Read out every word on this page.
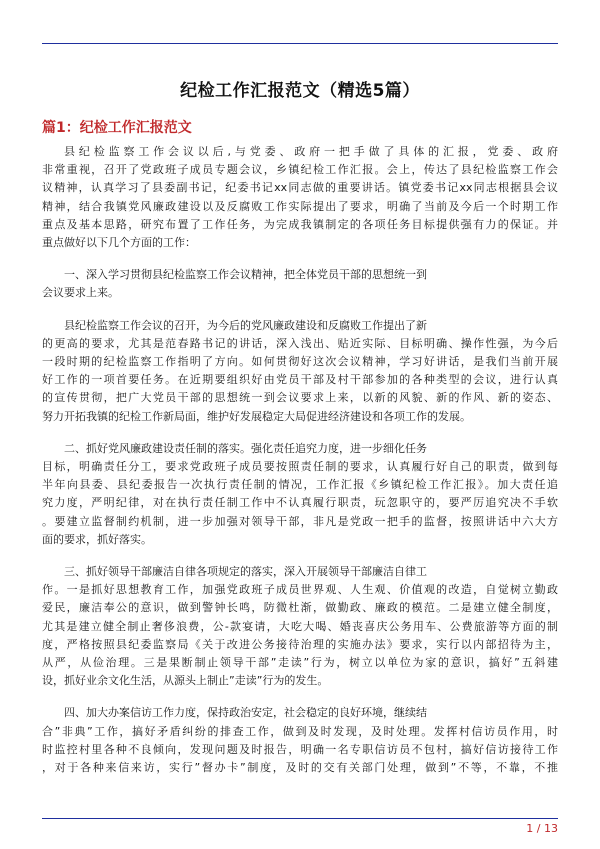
纪检工作汇报范文（精选5篇）
篇1：纪检工作汇报范文
县纪检监察工作会议以后,与党委、政府一把手做了具体的汇报，党委、政府
非常重视，召开了党政班子成员专题会议，乡镇纪检工作汇报。会上，传达了县纪检监察工作会
议精神，认真学习了县委副书记，纪委书记xx同志做的重要讲话。镇党委书记xx同志根据县会议
精神，结合我镇党风廉政建设以及反腐败工作实际提出了要求，明确了当前及今后一个时期工作
重点及基本思路，研究布置了工作任务，为完成我镇制定的各项任务目标提供强有力的保证。并
重点做好以下几个方面的工作：
一、深入学习贯彻县纪检监察工作会议精神，把全体党员干部的思想统一到
会议要求上来。
县纪检监察工作会议的召开，为今后的党风廉政建设和反腐败工作提出了新
的更高的要求，尤其是范春路书记的讲话，深入浅出、贴近实际、目标明确、操作性强，为今后
一段时期的纪检监察工作指明了方向。如何贯彻好这次会议精神，学习好讲话，是我们当前开展
好工作的一项首要任务。在近期要组织好由党员干部及村干部参加的各种类型的会议，进行认真
的宣传贯彻，把广大党员干部的思想统一到会议要求上来，以新的风貌、新的作风、新的姿态、
努力开拓我镇的纪检工作新局面，维护好发展稳定大局促进经济建设和各项工作的发展。
二、抓好党风廉政建设责任制的落实。强化责任追究力度，进一步细化任务
目标，明确责任分工，要求党政班子成员要按照责任制的要求，认真履行好自己的职责，做到每
半年向县委、县纪委报告一次执行责任制的情况，工作汇报《乡镇纪检工作汇报》。加大责任追
究力度，严明纪律，对在执行责任制工作中不认真履行职责，玩忽职守的，要严厉追究决不手软
。要建立监督制约机制，进一步加强对领导干部，非凡是党政一把手的监督，按照讲话中六大方
面的要求，抓好落实。
三、抓好领导干部廉洁自律各项规定的落实，深入开展领导干部廉洁自律工
作。一是抓好思想教育工作，加强党政班子成员世界观、人生观、价值观的改造，自觉树立勤政
爱民，廉洁奉公的意识，做到警钟长鸣，防微杜渐，做勤政、廉政的模范。二是建立健全制度，
尤其是建立健全制止奢侈浪费，公-款宴请，大吃大喝、婚丧喜庆公务用车、公费旅游等方面的制
度，严格按照县纪委监察局《关于改进公务接待治理的实施办法》要求，实行以内部招待为主，
从严，从俭治理。三是果断制止领导干部”走读”行为，树立以单位为家的意识，搞好”五斜建
设，抓好业余文化生活，从源头上制止”走读”行为的发生。
四、加大办案信访工作力度，保持政治安定，社会稳定的良好环境，继续结
合”非典”工作，搞好矛盾纠纷的排查工作，做到及时发现，及时处理。发挥村信访员作用，时
时监控村里各种不良倾向，发现问题及时报告，明确一名专职信访员不包村，搞好信访接待工作
，对于各种来信来访，实行”督办卡”制度，及时的交有关部门处理，做到”不等，不靠，不推
1 / 13
